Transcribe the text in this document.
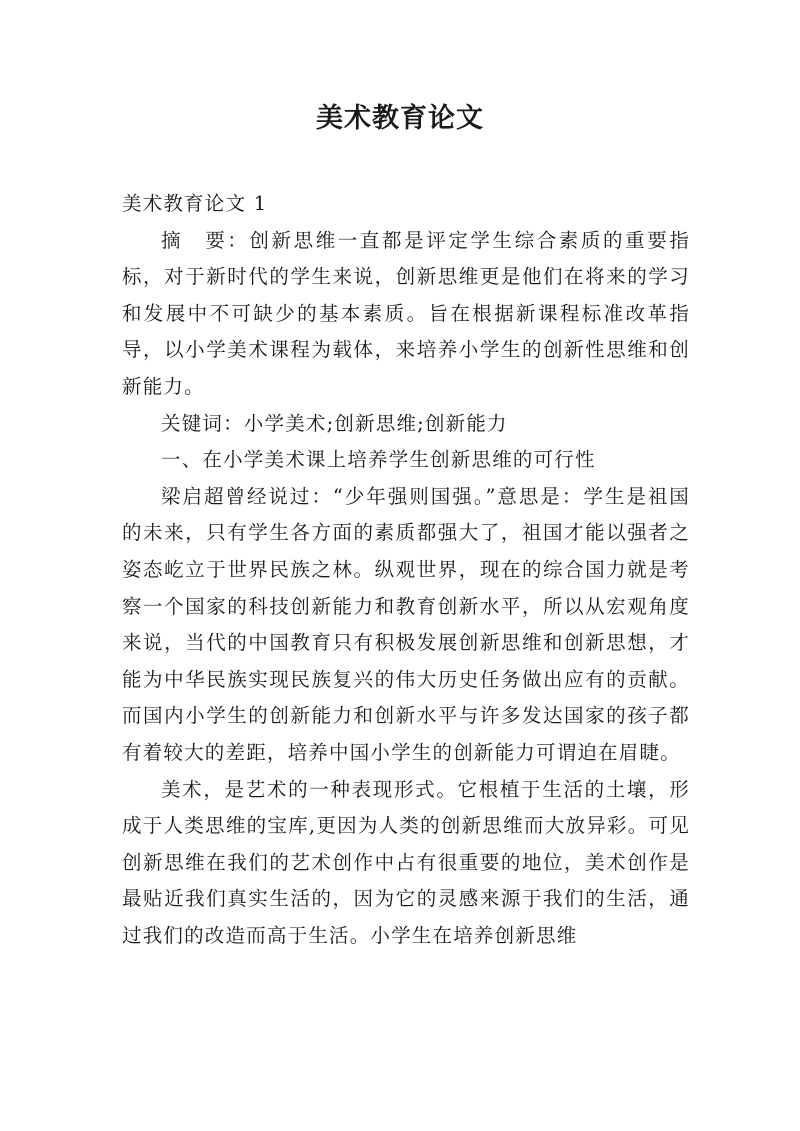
美术教育论文

美术教育论文 1

摘　要：创新思维一直都是评定学生综合素质的重要指标，对于新时代的学生来说，创新思维更是他们在将来的学习和发展中不可缺少的基本素质。旨在根据新课程标准改革指导，以小学美术课程为载体，来培养小学生的创新性思维和创新能力。

关键词：小学美术;创新思维;创新能力

一、在小学美术课上培养学生创新思维的可行性

梁启超曾经说过：“少年强则国强。”意思是：学生是祖国的未来，只有学生各方面的素质都强大了，祖国才能以强者之姿态屹立于世界民族之林。纵观世界，现在的综合国力就是考察一个国家的科技创新能力和教育创新水平，所以从宏观角度来说，当代的中国教育只有积极发展创新思维和创新思想，才能为中华民族实现民族复兴的伟大历史任务做出应有的贡献。而国内小学生的创新能力和创新水平与许多发达国家的孩子都有着较大的差距，培养中国小学生的创新能力可谓迫在眉睫。

美术，是艺术的一种表现形式。它根植于生活的土壤，形成于人类思维的宝库,更因为人类的创新思维而大放异彩。可见创新思维在我们的艺术创作中占有很重要的地位，美术创作是最贴近我们真实生活的，因为它的灵感来源于我们的生活，通过我们的改造而高于生活。小学生在培养创新思维
